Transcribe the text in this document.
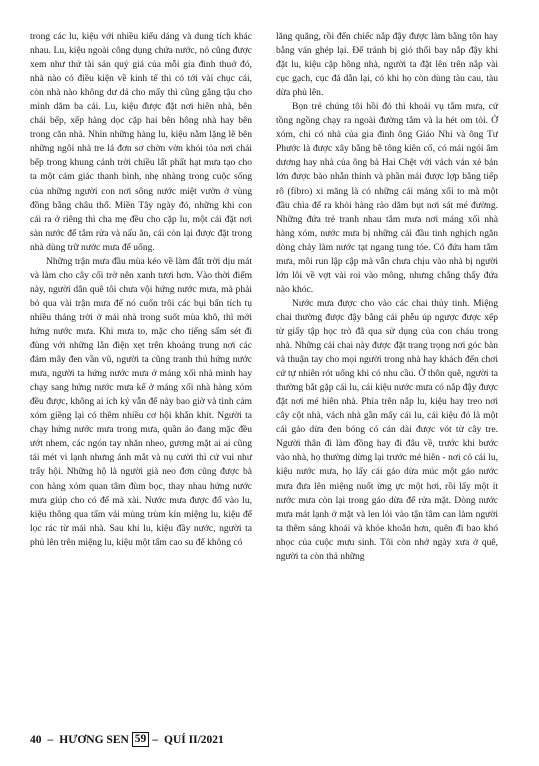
trong các lu, kiệu với nhiều kiểu dáng và dung tích khác nhau. Lu, kiệu ngoài công dụng chứa nước, nó cũng được xem như thứ tài sản quý giá của mỗi gia đình thuở đó, nhà nào có điều kiện về kinh tế thì có tới vài chục cái, còn nhà nào không dư dả cho mấy thì cũng gắng tậu cho mình dăm ba cái. Lu, kiệu được đặt nơi hiên nhà, bên chái bếp, xếp hàng dọc cặp hai bên hông nhà hay bên trong căn nhà. Nhìn những hàng lu, kiệu nằm lặng lẽ bên những ngôi nhà tre lá đơn sơ chờn vờn khói tỏa nơi chái bếp trong khung cảnh trời chiều lất phất hạt mưa tạo cho ta một cảm giác thanh bình, nhẹ nhàng trong cuộc sống của những người con nơi sông nước miệt vườn ở vùng đồng bằng châu thổ. Miền Tây ngày đó, những khi con cái ra ở riêng thì cha mẹ đều cho cặp lu, một cái đặt nơi sàn nước để tắm rửa và nấu ăn, cái còn lại được đặt trong nhà dùng trữ nước mưa để uống.

Những trận mưa đầu mùa kéo về làm đất trời dịu mát và làm cho cây cối trở nên xanh tươi hơn. Vào thời điểm này, người dân quê tôi chưa vội hứng nước mưa, mà phải bỏ qua vài trận mưa để nó cuốn trôi các bụi bẩn tích tụ nhiều tháng trời ở mái nhà trong suốt mùa khô, thì mới hứng nước mưa. Khi mưa to, mặc cho tiếng sấm sét đì đùng với những lằn điện xẹt trên khoảng trung nơi các đám mây đen vần vũ, người ta cũng tranh thủ hứng nước mưa, người ta hứng nước mưa ở máng xối nhà mình hay chạy sang hứng nước mưa kế ở máng xối nhà hàng xóm đều được, không ai ích kỷ vẫn để này bao giờ và tình cảm xóm giềng lại có thêm nhiều cơ hội khắn khít. Người ta chạy hứng nước mưa trong mưa, quần áo đang mặc đều ướt nhem, các ngón tay nhăn nheo, gương mặt ai ai cũng tái mét vì lạnh nhưng ánh mắt và nụ cười thì cứ vui như trẩy hội. Những hộ là người già neo đơn cũng được bà con hàng xóm quan tâm đùm bọc, thay nhau hứng nước mưa giúp cho có để mà xài. Nước mưa được đổ vào lu, kiệu thông qua tấm vải mùng trùm kín miệng lu, kiệu để lọc rác từ mái nhà. Sau khi lu, kiệu đầy nước, người ta phủ lên trên miệng lu, kiệu một tấm cao su để không có

lăng quăng, rồi đến chiếc nắp đậy được làm bằng tôn hay bằng ván ghép lại. Để tránh bị gió thổi bay nắp đậy khi đặt lu, kiệu cặp hông nhà, người ta đặt lên trên nắp vài cục gạch, cục đá dằn lại, có khi họ còn dùng tàu cau, tàu dừa phủ lên.

Bọn trẻ chúng tôi hồi đó thì khoái vụ tắm mưa, cứ tồng ngồng chạy ra ngoài đường tắm và la hét om tỏi. Ở xóm, chỉ có nhà của gia đình ông Giáo Nhi và ông Tư Phước là được xây bằng bê tông kiên cố, có mái ngói âm dương hay nhà của ông bà Hai Chệt với vách ván xẻ bản lớn được bào nhẵn thinh và phần mái được lợp bằng tiếp rô (fibro) xi măng là có những cái máng xối to mà một đầu chìa để ra khỏi hàng rào dăm bụt nơi sát mé đường. Những đứa trẻ tranh nhau tắm mưa nơi máng xối nhà hàng xóm, nước mưa bị những cái đầu tinh nghịch ngăn dòng chảy làm nước tạt ngang tung tóe. Có đứa ham tắm mưa, môi run lập cập mà vẫn chưa chịu vào nhà bị người lớn lôi về vợt vài roi vào mông, nhưng chẳng thấy đứa nào khóc.

Nước mưa được cho vào các chai thủy tinh. Miệng chai thường được đậy bằng cái phễu úp ngược được xếp từ giấy tập học trò đã qua sử dụng của con cháu trong nhà. Những cái chai này được đặt trang trọng nơi góc bàn và thuận tay cho mọi người trong nhà hay khách đến chơi cứ tự nhiên rót uống khi có nhu cầu. Ở thôn quê, người ta thường bắt gặp cái lu, cái kiệu nước mưa có nắp đậy được đặt nơi mé hiên nhà. Phía trên nắp lu, kiệu hay treo nơi cây cột nhà, vách nhà gần mấy cái lu, cái kiệu đó là một cái gáo dừa đen bóng có cán dài được vót từ cây tre. Người thân đi làm đồng hay đi đâu về, trước khi bước vào nhà, họ thường dừng lại trước mé hiên - nơi có cái lu, kiệu nước mưa, họ lấy cái gáo dừa múc một gáo nước mưa đưa lên miệng nuốt ừng ực một hơi, rồi lấy một ít nước mưa còn lại trong gáo dừa để rửa mặt. Dòng nước mưa mát lạnh ở mặt và len lỏi vào tận tâm can làm người ta thêm sảng khoái và khỏe khoắn hơn, quên đi bao khó nhọc của cuộc mưu sinh. Tôi còn nhớ ngày xưa ở quê, người ta còn thả những

40 – HƯƠNG SEN 59 – QUÍ II/2021
